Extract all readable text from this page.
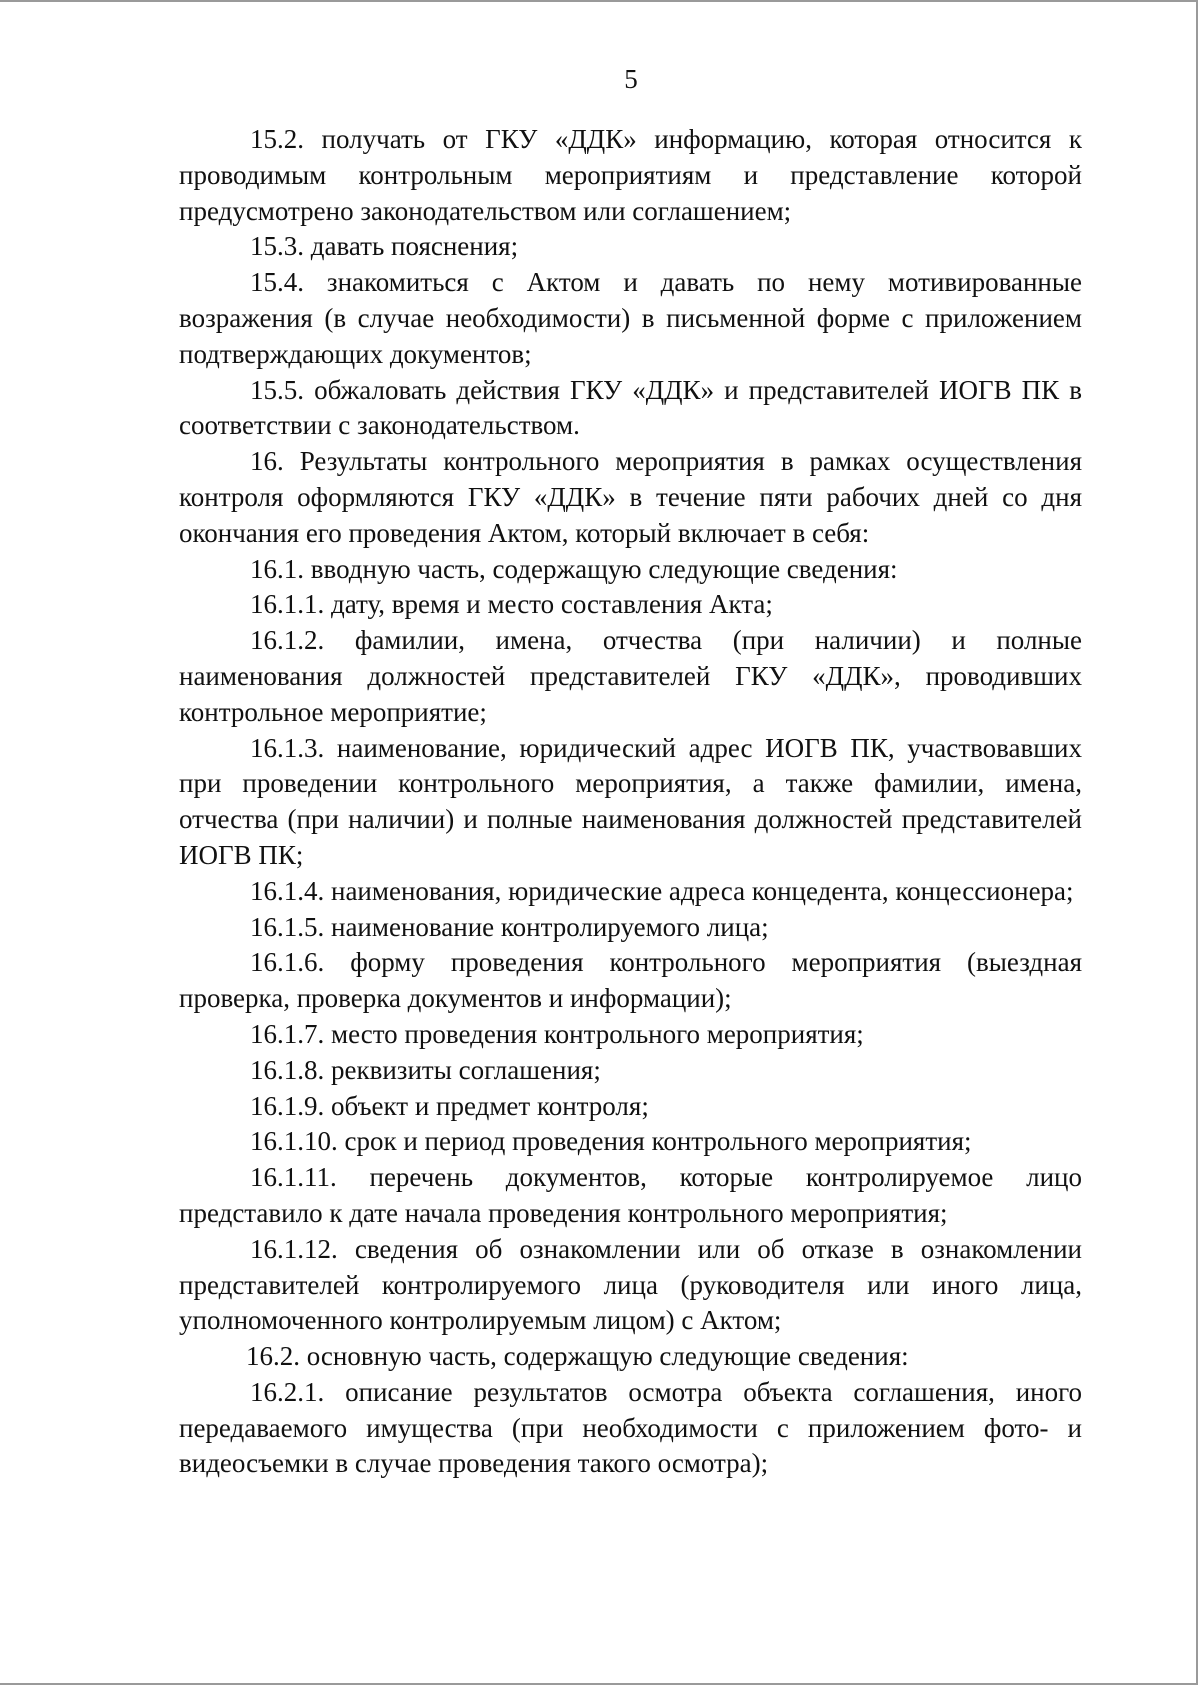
5

15.2. получать от ГКУ «ДДК» информацию, которая относится к проводимым контрольным мероприятиям и представление которой предусмотрено законодательством или соглашением;

15.3. давать пояснения;

15.4. знакомиться с Актом и давать по нему мотивированные возражения (в случае необходимости) в письменной форме с приложением подтверждающих документов;

15.5. обжаловать действия ГКУ «ДДК» и представителей ИОГВ ПК в соответствии с законодательством.

16. Результаты контрольного мероприятия в рамках осуществления контроля оформляются ГКУ «ДДК» в течение пяти рабочих дней со дня окончания его проведения Актом, который включает в себя:

16.1. вводную часть, содержащую следующие сведения:

16.1.1. дату, время и место составления Акта;

16.1.2. фамилии, имена, отчества (при наличии) и полные наименования должностей представителей ГКУ «ДДК», проводивших контрольное мероприятие;

16.1.3. наименование, юридический адрес ИОГВ ПК, участвовавших при проведении контрольного мероприятия, а также фамилии, имена, отчества (при наличии) и полные наименования должностей представителей ИОГВ ПК;

16.1.4. наименования, юридические адреса концедента, концессионера;

16.1.5. наименование контролируемого лица;

16.1.6. форму проведения контрольного мероприятия (выездная проверка, проверка документов и информации);

16.1.7. место проведения контрольного мероприятия;

16.1.8. реквизиты соглашения;

16.1.9. объект и предмет контроля;

16.1.10. срок и период проведения контрольного мероприятия;

16.1.11. перечень документов, которые контролируемое лицо представило к дате начала проведения контрольного мероприятия;

16.1.12. сведения об ознакомлении или об отказе в ознакомлении представителей контролируемого лица (руководителя или иного лица, уполномоченного контролируемым лицом) с Актом;

16.2. основную часть, содержащую следующие сведения:

16.2.1. описание результатов осмотра объекта соглашения, иного передаваемого имущества (при необходимости с приложением фото- и видеосъемки в случае проведения такого осмотра);
